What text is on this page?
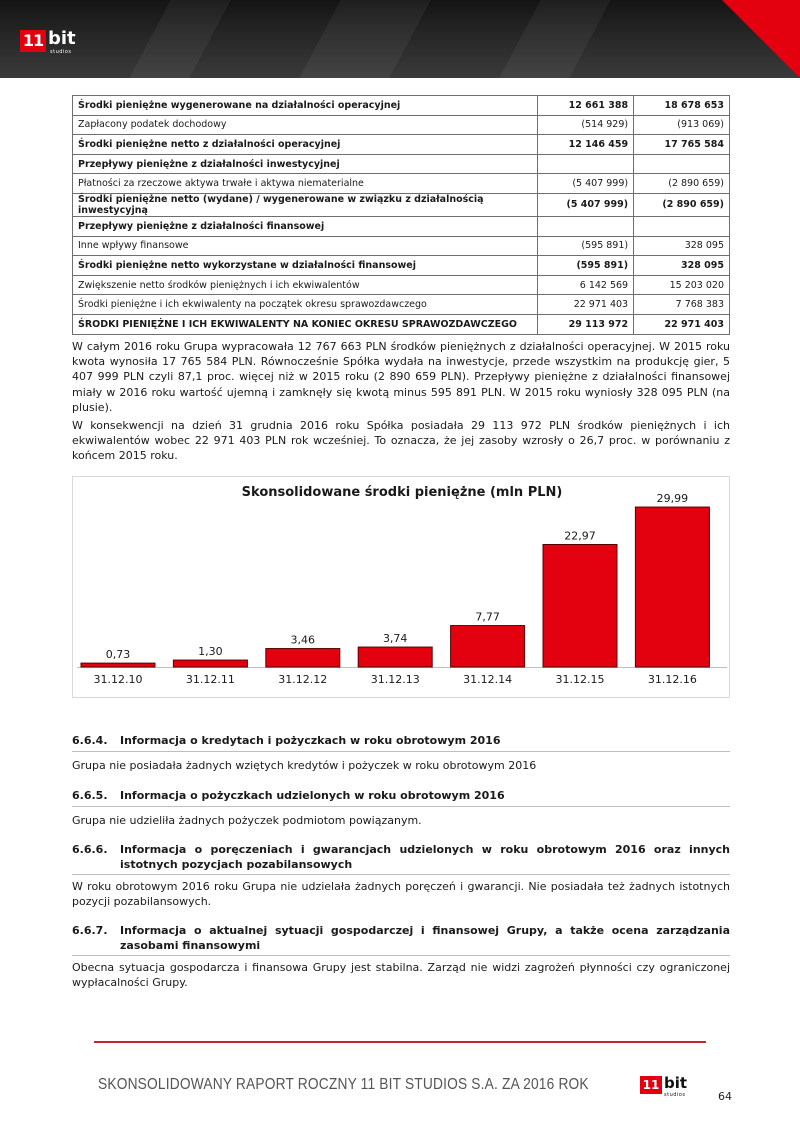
11 bit
studios
Środki pieniężne wygenerowane na działalności operacyjnej	12 661 388	18 678 653
Zapłacony podatek dochodowy	(514 929)	(913 069)
Środki pieniężne netto z działalności operacyjnej	12 146 459	17 765 584
Przepływy pieniężne z działalności inwestycyjnej		
Płatności za rzeczowe aktywa trwałe i aktywa niematerialne	(5 407 999)	(2 890 659)
Środki pieniężne netto (wydane) / wygenerowane w związku z działalnością inwestycyjną	(5 407 999)	(2 890 659)
Przepływy pieniężne z działalności finansowej		
Inne wpływy finansowe	(595 891)	328 095
Środki pieniężne netto wykorzystane w działalności finansowej	(595 891)	328 095
Zwiększenie netto środków pieniężnych i ich ekwiwalentów	6 142 569	15 203 020
Środki pieniężne i ich ekwiwalenty na początek okresu sprawozdawczego	22 971 403	7 768 383
ŚRODKI PIENIĘŻNE I ICH EKWIWALENTY NA KONIEC OKRESU SPRAWOZDAWCZEGO	29 113 972	22 971 403

W całym 2016 roku Grupa wypracowała 12 767 663 PLN środków pieniężnych z działalności operacyjnej. W 2015 roku kwota wynosiła 17 765 584 PLN. Równocześnie Spółka wydała na inwestycje, przede wszystkim na produkcję gier, 5 407 999 PLN czyli 87,1 proc. więcej niż w 2015 roku (2 890 659 PLN). Przepływy pieniężne z działalności finansowej miały w 2016 roku wartość ujemną i zamknęły się kwotą minus 595 891 PLN. W 2015 roku wyniosły 328 095 PLN (na plusie).

W konsekwencji na dzień 31 grudnia 2016 roku Spółka posiadała 29 113 972 PLN środków pieniężnych i ich ekwiwalentów wobec 22 971 403 PLN rok wcześniej. To oznacza, że jej zasoby wzrosły o 26,7 proc. w porównaniu z końcem 2015 roku.

Skonsolidowane środki pieniężne (mln PLN)
0,73
31.12.10
1,30
31.12.11
3,46
31.12.12
3,74
31.12.13
7,77
31.12.14
22,97
31.12.15
29,99
31.12.16
6.6.4.	Informacja o kredytach i pożyczkach w roku obrotowym 2016

Grupa nie posiadała żadnych wziętych kredytów i pożyczek w roku obrotowym 2016

6.6.5.	Informacja o pożyczkach udzielonych w roku obrotowym 2016

Grupa nie udzieliła żadnych pożyczek podmiotom powiązanym.

6.6.6.	Informacja o poręczeniach i gwarancjach udzielonych w roku obrotowym 2016 oraz innych istotnych pozycjach pozabilansowych

W roku obrotowym 2016 roku Grupa nie udzielała żadnych poręczeń i gwarancji. Nie posiadała też żadnych istotnych pozycji pozabilansowych.

6.6.7.	Informacja o aktualnej sytuacji gospodarczej i finansowej Grupy, a także ocena zarządzania zasobami finansowymi

Obecna sytuacja gospodarcza i finansowa Grupy jest stabilna. Zarząd nie widzi zagrożeń płynności czy ograniczonej wypłacalności Grupy.

SKONSOLIDOWANY RAPORT ROCZNY 11 BIT STUDIOS S.A. ZA 2016 ROK	11 bit
studios	64
